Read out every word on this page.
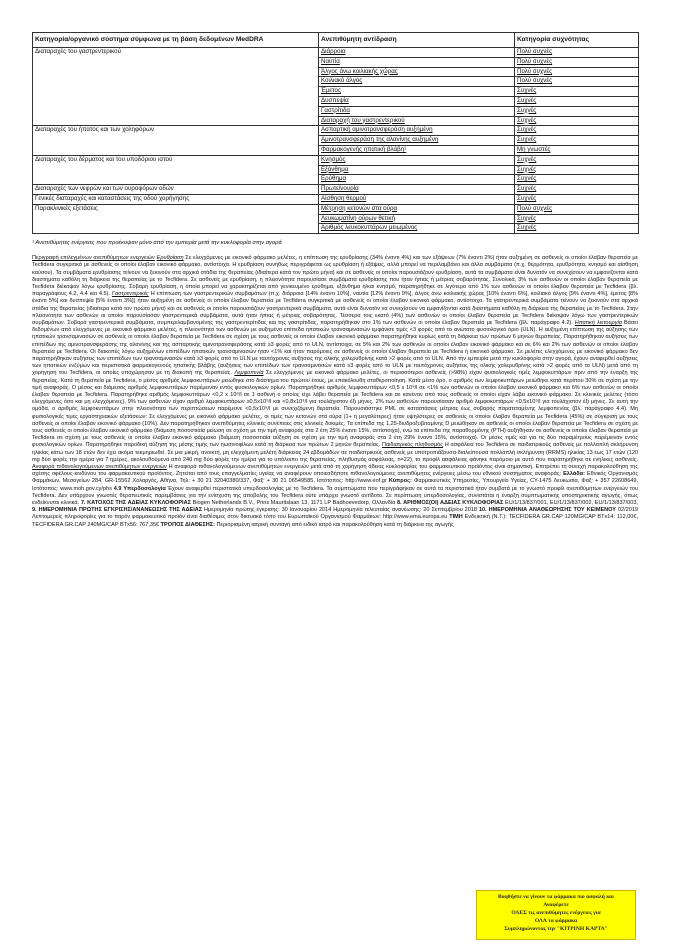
Κατηγορία/οργανικό σύστημα σύμφωνα με τη βάση δεδομένων MedDRA	Ανεπιθύμητη αντίδραση	Κατηγορία συχνότητας
Διαταραχές του γαστρεντερικού	Διάρροια	Πολύ συχνές
	Ναυτία	Πολύ συχνές
	Άλγος άνω κοιλιακής χώρας	Πολύ συχνές
	Κοιλιακό άλγος	Πολύ συχνές
	Έμετος	Συχνές
	Δυσπεψία	Συχνές
	Γαστρίτιδα	Συχνές
	Διαταραχή του γαστρεντερικού	Συχνές
Διαταραχές του ήπατος και των χοληφόρων	Ασπαρτική αμινοτρανσφεράση αυξημένη	Συχνές
	Αμινοτρανσφεράση της αλανίνης αυξημένη	Συχνές
	Φαρμακογενής ηπατική βλάβη¹	Μη γνωστές
Διαταραχές του δέρματος και του υποδόριου ιστού	Κνησμός	Συχνές
	Εξάνθημα	Συχνές
	Ερύθημα	Συχνές
Διαταραχές των νεφρών και των ουροφόρων οδών	Πρωτεϊνουρία	Συχνές
Γενικές διαταραχές και καταστάσεις της οδού χορήγησης	Αίσθηση θερμού	Συχνές
Παρακλινικές εξετάσεις	Μέτρηση κετονών στα ούρα	Πολύ συχνές
	Λευκωματίνη ούρων θετική	Συχνές
	Αριθμός λευκοκυττάρων μειωμένος	Συχνές
¹ Ανεπιθύμητες ενέργειες που προέκυψαν μόνο από την εμπειρία μετά την κυκλοφορία στην αγορά

Περιγραφή επιλεγμένων ανεπιθύμητων ενεργειών Ερυθρίαση Σε ελεγχόμενες με εικονικό φάρμακο μελέτες, η επίπτωση της ερυθρίασης (34% έναντι 4%) και των εξάψεων (7% έναντι 2%) ήταν αυξημένη σε ασθενείς οι οποίοι έλαβαν θεραπεία με Tecfidera συγκριτικά με ασθενείς οι οποίοι έλαβαν εικονικό φάρμακο, αντίστοιχα. Η ερυθρίαση συνήθως περιγράφεται ως ερυθρίαση ή εξάψεις, αλλά μπορεί να περιλαμβάνει και άλλα συμβάματα (π.χ. θερμότητα, ερυθρότητα, κνησμό και αίσθηση καύσου). Τα συμβάματα ερυθρίασης τείνουν να ξεκινούν στα αρχικά στάδια της θεραπείας (ιδιαίτερα κατά τον πρώτο μήνα) και σε ασθενείς οι οποίοι παρουσιάζουν ερυθρίαση, αυτά τα συμβάματα είναι δυνατόν να συνεχίσουν να εμφανίζονται κατά διαστήματα καθόλη τη διάρκεια της θεραπείας με το Tecfidera. Σε ασθενείς με ερυθρίαση, η πλειονότητα παρουσίασε συμβάματα ερυθρίασης που ήταν ήπιας ή μέτριας σοβαρότητας. Συνολικά, 3% των ασθενών οι οποίοι έλαβαν θεραπεία με Tecfidera διέκοψαν λόγω ερυθρίασης. Σοβαρή ερυθρίαση, η οποία μπορεί να χαρακτηρίζεται από γενικευμένο ερύθημα, εξάνθημα ή/και κνησμό, παρατηρήθηκε σε λιγότερο από 1% των ασθενών οι οποίοι έλαβαν θεραπεία με Tecfidera (βλ. παραγράφους 4.2, 4.4 και 4.5). Γαστρεντερικές Η επίπτωση των γαστρεντερικών συμβαμάτων (π.χ. διάρροια [14% έναντι 10%], ναυτία [12% έναντι 9%], άλγος άνω κοιλιακής χώρας [10% έναντι 6%], κοιλιακό άλγος [9% έναντι 4%], έμετος [8% έναντι 5%] και δυσπεψία [5% έναντι 3%]) ήταν αυξημένη σε ασθενείς οι οποίοι έλαβαν θεραπεία με Tecfidera συγκριτικά με ασθενείς οι οποίοι έλαβαν εικονικό φάρμακο, αντίστοιχα. Τα γαστρεντερικά συμβάματα τείνουν να ξεκινούν στα αρχικά στάδια της θεραπείας (ιδιαίτερα κατά τον πρώτο μήνα) και σε ασθενείς οι οποίοι παρουσιάζουν γαστρεντερικά συμβάματα, αυτά είναι δυνατόν να συνεχίσουν να εμφανίζονται κατά διαστήματα καθόλη τη διάρκεια της θεραπείας με το Tecfidera. Στην πλειονότητα των ασθενών οι οποίοι παρουσίασαν γαστρεντερικά συμβάματα, αυτά ήταν ήπιας ή μέτριας σοβαρότητας. Τέσσερα τοις εκατό (4%) των ασθενών οι οποίοι έλαβαν θεραπεία με Tecfidera διέκοψαν λόγω των γαστρεντερικών συμβαμάτων. Σοβαρά γαστρεντερικά συμβάματα, συμπεριλαμβανομένης της γαστρεντερίτιδας και της γαστρίτιδας, παρατηρήθηκαν στο 1% των ασθενών οι οποίοι έλαβαν θεραπεία με Tecfidera (βλ. παράγραφο 4.2). Ηπατική λειτουργία Βάσει δεδομένων από ελεγχόμενες με εικονικό φάρμακο μελέτες, η πλειονότητα των ασθενών με αυξημένα επίπεδα ηπατικών τρανσαμινασών εμφάνισε τιμές <3 φορές από το ανώτατο φυσιολογικό όριο (ULN). Η αυξημένη επίπτωση της αύξησης των ηπατικών τρανσαμινασών σε ασθενείς οι οποίοι έλαβαν θεραπεία με Tecfidera σε σχέση με τους ασθενείς οι οποίοι έλαβαν εικονικό φάρμακο παρατηρήθηκε κυρίως κατά τη διάρκεια των πρώτων 6 μηνών θεραπείας. Παρατηρήθηκαν αυξήσεις των επιπέδων της αμινοτρανσφεράσης της αλανίνης και της ασπαρτικής αμινοτρανσφεράσης κατά ≥3 φορές από το ULN, αντίστοιχα, σε 5% και 2% των ασθενών οι οποίοι έλαβαν εικονικό φάρμακο και σε 6% και 2% των ασθενών οι οποίοι έλαβαν θεραπεία με Tecfidera. Οι διακοπές λόγω αυξημένων επιπέδων ηπατικών τρανσαμινασών ήταν <1% και ήταν παρόμοιες σε ασθενείς οι οποίοι έλαβαν θεραπεία με Tecfidera ή εικονικό φάρμακο. Σε μελέτες ελεγχόμενες με εικονικό φάρμακο δεν παρατηρήθηκαν αυξήσεις των επιπέδων των τρανσαμινασών κατά ≥3 φορές από το ULN με ταυτόχρονες αυξήσεις της ολικής χολερυθρίνης κατά >2 φορές από το ULN. Από την εμπειρία μετά την κυκλοφορία στην αγορά, έχουν αναφερθεί αυξήσεις των ηπατικών ενζύμων και περιστατικά φαρμακογενούς ηπατικής βλάβης (αυξήσεις των επιπέδων των τρανσαμινασών κατά ≥3 φορές από το ULN με ταυτόχρονες αυξήσεις της ολικής χολερυθρίνης κατά >2 φορές από το ULN) μετά από τη χορήγηση του Tecfidera, οι οποίες υποχώρησαν με τη διακοπή της θεραπείας. Λεμφοπενία Σε ελεγχόμενες με εικονικό φάρμακο μελέτες, οι περισσότεροι ασθενείς (>98%) είχαν φυσιολογικές τιμές λεμφοκυττάρων πριν από την έναρξη της θεραπείας. Κατά τη θεραπεία με Tecfidera, ο μέσος αριθμός λεμφοκυττάρων μειώθηκε στο διάστημα του πρώτου έτους, με επακόλουθη σταθεροποίηση. Κατά μέσο όρο, ο αριθμός των λεμφοκυττάρων μειώθηκε κατά περίπου 30% σε σχέση με την τιμή αναφοράς. Ο μέσος και διάμεσος αριθμός λεμφοκυττάρων παρέμειναν εντός φυσιολογικών ορίων. Παρατηρήθηκε αριθμός λεμφοκυττάρων <0,5 x 10⁹/l σε <1% των ασθενών οι οποίοι έλαβαν εικονικό φάρμακο και 6% των ασθενών οι οποίοι έλαβαν θεραπεία με Tecfidera. Παρατηρήθηκε αριθμός λεμφοκυττάρων <0,2 x 10⁹/l σε 1 ασθενή ο οποίος είχε λάβει θεραπεία με Tecfidera και σε κανέναν από τους ασθενείς οι οποίοι είχαν λάβει εικονικό φάρμακο. Σε κλινικές μελέτες (τόσο ελεγχόμενες όσο και μη ελεγχόμενες), 9% των ασθενών είχαν αριθμό λεμφοκυττάρων ≥0,5x10⁹/l και <0,8x10⁹/l για τουλάχιστον έξι μήνες. 2% των ασθενών παρουσίασαν αριθμό λεμφοκυττάρων <0,5x10⁹/l για τουλάχιστον έξι μήνες. Σε αυτή την ομάδα, ο αριθμός λεμφοκυττάρων στην πλειονότητα των περιπτώσεων παρέμεινε <0,5x10⁹/l με συνεχιζόμενη θεραπεία. Παρουσιάστηκε PML σε καταστάσεις μέτριας έως σοβαρής παρατεταμένης λεμφοπενίας (βλ. παράγραφο 4.4). Μη φυσιολογικές τιμές εργαστηριακών εξετάσεων: Σε ελεγχόμενες με εικονικό φάρμακο μελέτες, οι τιμές των κετονών στα ούρα (1+ ή μεγαλύτερες) ήταν υψηλότερες σε ασθενείς οι οποίοι έλαβαν θεραπεία με Tecfidera (45%) σε σύγκριση με τους ασθενείς οι οποίοι έλαβαν εικονικό φάρμακο (10%). Δεν παρατηρήθηκαν ανεπιθύμητες κλινικές συνέπειες στις κλινικές δοκιμές. Τα επίπεδα της 1,25-διυδροξυβιταμίνης D μειώθηκαν σε ασθενείς οι οποίοι έλαβαν θεραπεία με Tecfidera σε σχέση με τους ασθενείς οι οποίοι έλαβαν εικονικό φάρμακο (διάμεση ποσοστιαία μείωση σε σχέση με την τιμή αναφοράς στα 2 έτη 25% έναντι 15%, αντίστοιχα), ενώ τα επίπεδα της παραθορμόνης (PTH) αυξήθηκαν σε ασθενείς οι οποίοι έλαβαν θεραπεία με Tecfidera σε σχέση με τους ασθενείς οι οποίοι έλαβαν εικονικό φάρμακο (διάμεση ποσοστιαία αύξηση σε σχέση με την τιμή αναφοράς στα 2 έτη 29% έναντι 15%, αντίστοιχα). Οι μέσες τιμές και για τις δύο παραμέτρους παρέμειναν εντός φυσιολογικών ορίων. Παρατηρήθηκε παροδική αύξηση της μέσης τιμής των ηωσινοφίλων κατά τη διάρκεια των πρώτων 2 μηνών θεραπείας. Παιδιατρικός πληθυσμός Η ασφάλεια του Tecfidera σε παιδιατρικούς ασθενείς με πολλαπλή σκλήρυνση ηλικίας κάτω των 18 ετών δεν έχει ακόμα τεκμηριωθεί. Σε μια μικρή, ανοικτή, μη ελεγχόμενη μελέτη διάρκειας 24 εβδομάδων σε παιδιατρικούς ασθενείς με υποτροπιάζουσα-διαλείπουσα πολλαπλή σκλήρυνση (RRMS) ηλικίας 13 έως 17 ετών (120 mg δύο φορές την ημέρα για 7 ημέρες, ακολουθούμενα από 240 mg δύο φορές την ημέρα για το υπόλοιπο της θεραπείας, πληθυσμός ασφάλειας, n=22), το προφίλ ασφάλειας φάνηκε παρόμοιο με αυτό που παρατηρήθηκε σε ενήλικες ασθενείς. Αναφορά πιθανολογούμενων ανεπιθύμητων ενεργειών Η αναφορά πιθανολογούμενων ανεπιθύμητων ενεργειών μετά από τη χορήγηση άδειας κυκλοφορίας του φαρμακευτικού προϊόντος είναι σημαντική. Επιτρέπει τη συνεχή παρακολούθηση της σχέσης οφέλους-κινδύνου του φαρμακευτικού προϊόντος. Ζητείται από τους επαγγελματίες υγείας να αναφέρουν οποιεσδήποτε πιθανολογούμενες ανεπιθύμητες ενέργειες μέσω του εθνικού συστήματος αναφοράς: Ελλάδα: Εθνικός Οργανισμός Φαρμάκων, Μεσογείων 284, GR-15562 Χολαργός, Αθήνα, Τηλ: + 30 21 32040380/337, Φαξ: + 30 21 06549585, Ιστότοπος: http://www.eof.gr Κύπρος: Φαρμακευτικές Υπηρεσίες, Υπουργείο Υγείας, CY-1475 Λευκωσία, Φαξ: + 357 22608649, Ιστότοπος: www.moh.gov.cy/phs 4.9 Υπερδοσολογία Έχουν αναφερθεί περιστατικά υπερδοσολογίας με το Tecfidera. Τα συμπτώματα που περιγράφηκαν σε αυτά τα περιστατικά ήταν συμβατά με το γνωστό προφίλ ανεπιθύμητων ενεργειών του Tecfidera. Δεν υπάρχουν γνωστές θεραπευτικές παρεμβάσεις για την ενίσχυση της αποβολής του Tecfidera ούτε υπάρχει γνωστό αντίδοτο. Σε περίπτωση υπερδοσολογίας, συνιστάται η έναρξη συμπτωματικής υποστηρικτικής αγωγής, όπως ενδείκνυται κλινικά. 7. ΚΑΤΟΧΟΣ ΤΗΣ ΑΔΕΙΑΣ ΚΥΚΛΟΦΟΡΙΑΣ Biogen Netherlands B.V., Prins Mauritslaan 13, 1171 LP Badhoevedorp, Ολλανδία 8. ΑΡΙΘΜΟΣ(ΟΙ) ΑΔΕΙΑΣ ΚΥΚΛΟΦΟΡΙΑΣ EU/1/13/837/001, EU/1/13/837/002, EU/1/13/837/003, 9. ΗΜΕΡΟΜΗΝΙΑ ΠΡΩΤΗΣ ΕΓΚΡΙΣΗΣ/ΑΝΑΝΕΩΣΗΣ ΤΗΣ ΑΔΕΙΑΣ Ημερομηνία πρώτης έγκρισης: 30 Ιανουαρίου 2014 Ημερομηνία τελευταίας ανανέωσης: 20 Σεπτεμβρίου 2018 10. ΗΜΕΡΟΜΗΝΙΑ ΑΝΑΘΕΩΡΗΣΗΣ ΤΟΥ ΚΕΙΜΕΝΟΥ 02/2019 Λεπτομερείς πληροφορίες για το παρόν φαρμακευτικό προϊόν είναι διαθέσιμες στον δικτυακό τόπο του Ευρωπαϊκού Οργανισμού Φαρμάκων: http://www.ema.europa.eu ΤΙΜΗ Ενδεικτική (Ν.Τ.): TECFIDERA GR.CAP 120MG/CAP BTx14: 112,00€, TECFIDERA GR.CAP 240MG/CAP BTx56: 767,35€ ΤΡΟΠΟΣ ΔΙΑΘΕΣΗΣ: Περιορισμένη ιατρική συνταγή από ειδικό ιατρό και παρακολούθηση κατά τη διάρκεια της αγωγής

Βοηθήστε να γίνουν τα φάρμακα πιο ασφαλή και
Αναφέρετε
ΟΛΕΣ τις ανεπιθύμητες ενέργειες για
ΟΛΑ τα φάρμακα
Συμπληρώνοντας την "ΚΙΤΡΙΝΗ ΚΑΡΤΑ"
